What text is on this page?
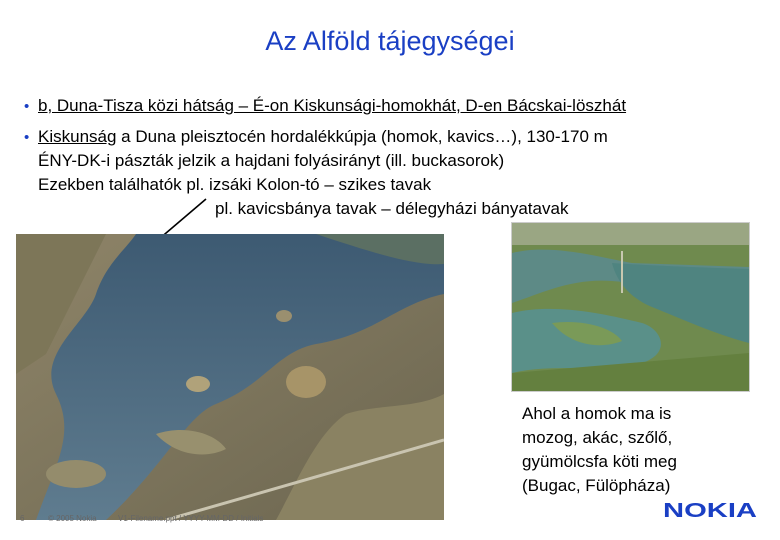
Az Alföld tájegységei
• b, Duna-Tisza közi hátság – É-on Kiskunsági-homokhát, D-en Bácskai-löszhát
• Kiskunság a Duna pleisztocén hordalékkúpja (homok, kavics…), 130-170 m
ÉNY-DK-i pászták jelzik a hajdani folyásirányt (ill. buckasorok)
Ezekben találhatók pl. izsáki Kolon-tó – szikes tavak
pl. kavicsbánya tavak – délegyházi bányatavak
Ahol a homok ma is
mozog, akác, szőlő,
gyümölcsfa köti meg
(Bugac, Fülöpháza)
6	© 2005 Nokia	V1-Filename.ppt / YYYY-MM-DD / Initials	NOKIA
